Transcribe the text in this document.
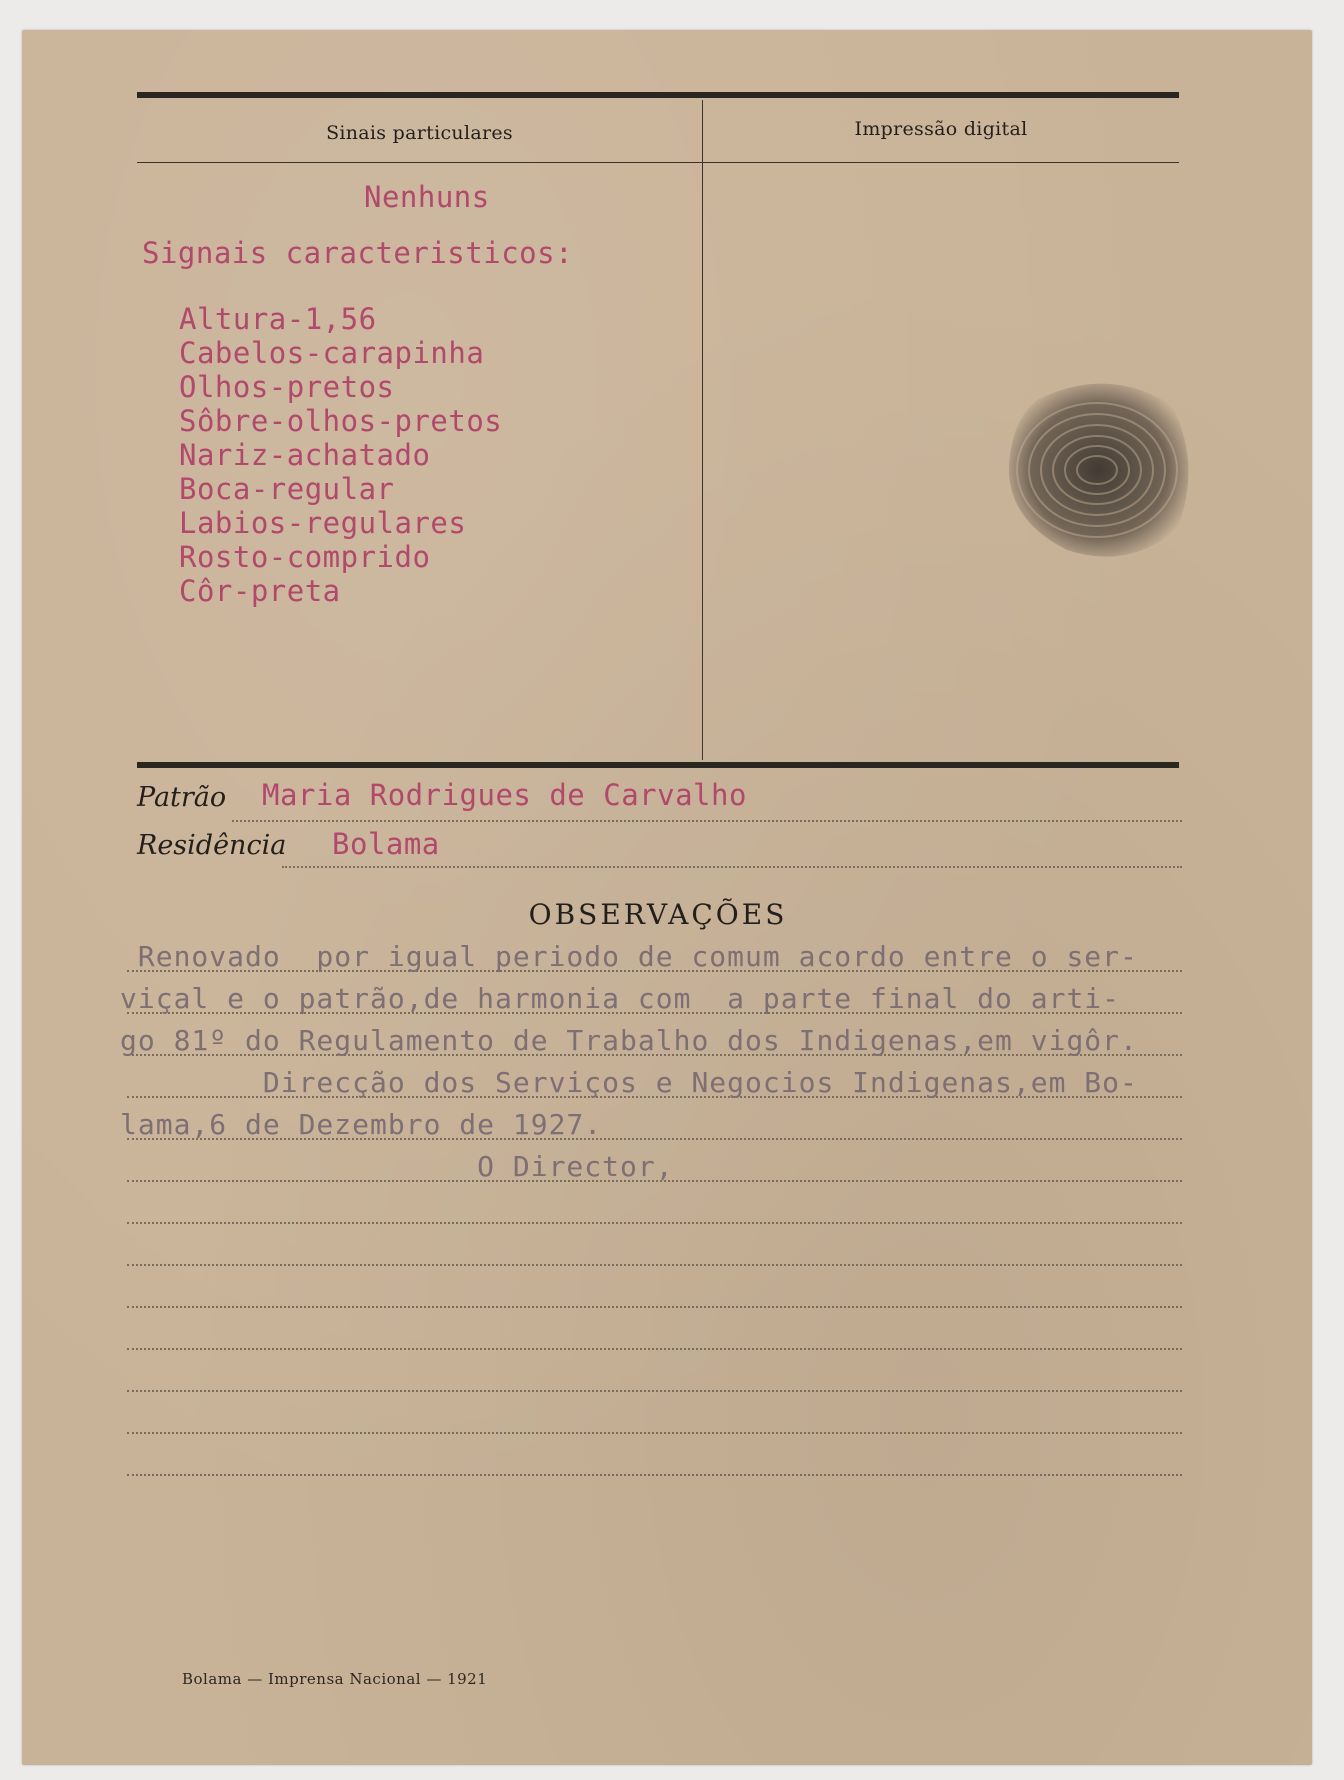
Sinais particulares	Impressão digital
Nenhuns
Signais caracteristicos:
Altura-1,56
Cabelos-carapinha
Olhos-pretos
Sôbre-olhos-pretos
Nariz-achatado
Boca-regular
Labios-regulares
Rosto-comprido
Côr-preta
Patrão Maria Rodrigues de Carvalho
Residência Bolama
OBSERVAÇÕES
Renovado  por igual periodo de comum acordo entre o ser-
viçal e o patrão,de harmonia com  a parte final do arti-
go 81º do Regulamento de Trabalho dos Indigenas,em vigôr.
Direcção dos Serviços e Negocios Indigenas,em Bo-
lama,6 de Dezembro de 1927.
O Director,
Bolama — Imprensa Nacional — 1921
